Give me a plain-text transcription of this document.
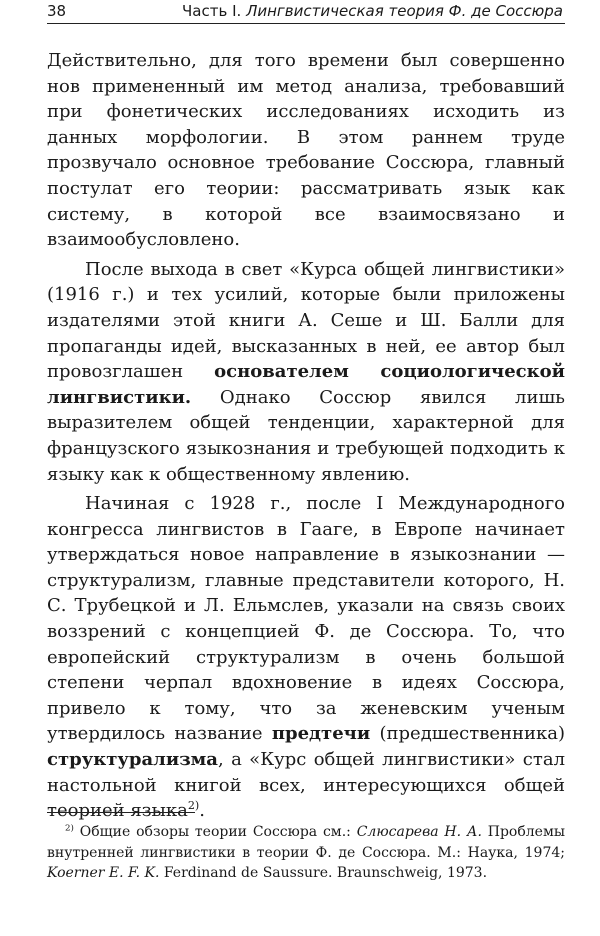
38	Часть I. Лингвистическая теория Ф. де Соссюра

Действительно, для того времени был совершенно нов примененный им метод анализа, требовавший при фонетических исследованиях исходить из данных морфологии. В этом раннем труде прозвучало основное требование Соссюра, главный постулат его теории: рассматривать язык как систему, в которой все взаимосвязано и взаимообусловлено.

После выхода в свет «Курса общей лингвистики» (1916 г.) и тех усилий, которые были приложены издателями этой книги А. Сеше и Ш. Балли для пропаганды идей, высказанных в ней, ее автор был провозглашен основателем социологической лингвистики. Однако Соссюр явился лишь выразителем общей тенденции, характерной для французского языкознания и требующей подходить к языку как к общественному явлению.

Начиная с 1928 г., после I Международного конгресса лингвистов в Гааге, в Европе начинает утверждаться новое направление в языкознании — структурализм, главные представители которого, Н. С. Трубецкой и Л. Ельмслев, указали на связь своих воззрений с концепцией Ф. де Соссюра. То, что европейский структурализм в очень большой степени черпал вдохновение в идеях Соссюра, привело к тому, что за женевским ученым утвердилось название предтечи (предшественника) структурализма, а «Курс общей лингвистики» стал настольной книгой всех, интересующихся общей теорией языка$^{2)}$.

$^{2)}$ Общие обзоры теории Соссюра см.: Слюсарева Н. А. Проблемы внутренней лингвистики в теории Ф. де Соссюра. М.: Наука, 1974; Koerner E. F. K. Ferdinand de Saussure. Braunschweig, 1973.
